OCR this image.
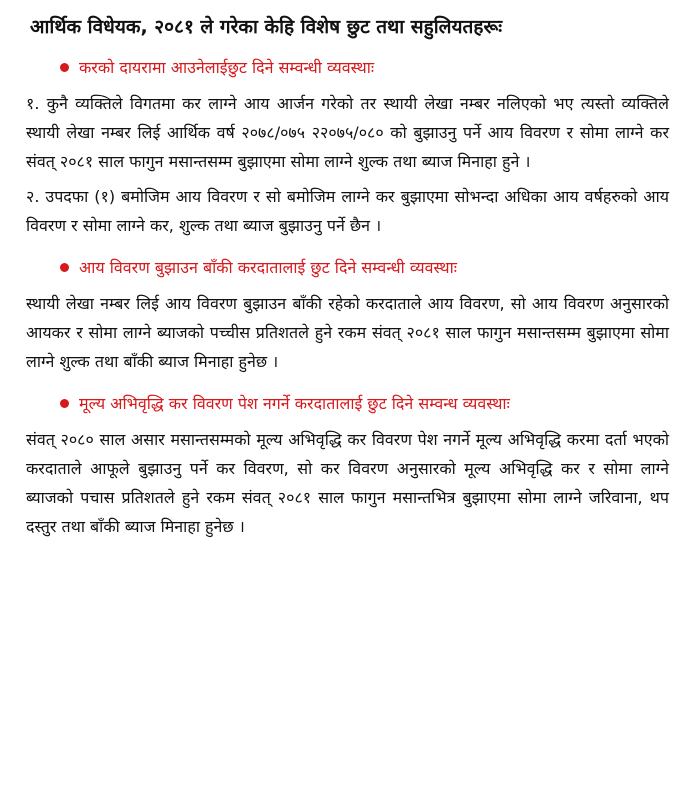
आर्थिक विधेयक, २०८१ ले गरेका केहि विशेष छुट तथा सहुलियतहरूः
करको दायरामा आउनेलाईछुट दिने सम्वन्धी व्यवस्थाः

१. कुनै व्यक्तिले विगतमा कर लाग्ने आय आर्जन गरेको तर स्थायी लेखा नम्बर नलिएको भए त्यस्तो व्यक्तिले स्थायी लेखा नम्बर लिई आर्थिक वर्ष २०७८/०७५ २२०७५/०८० को बुझाउनु पर्ने आय विवरण र सोमा लाग्ने कर संवत् २०८१ साल फागुन मसान्तसम्म बुझाएमा सोमा लाग्ने शुल्क तथा ब्याज मिनाहा हुने ।

२. उपदफा (१) बमोजिम आय विवरण र सो बमोजिम लाग्ने कर बुझाएमा सोभन्दा अधिका आय वर्षहरुको आय विवरण र सोमा लाग्ने कर, शुल्क तथा ब्याज बुझाउनु पर्ने छैन ।

आय विवरण बुझाउन बाँकी करदातालाई छुट दिने सम्वन्धी व्यवस्थाः

स्थायी लेखा नम्बर लिई आय विवरण बुझाउन बाँकी रहेको करदाताले आय विवरण, सो आय विवरण अनुसारको आयकर र सोमा लाग्ने ब्याजको पच्चीस प्रतिशतले हुने रकम संवत् २०८१ साल फागुन मसान्तसम्म बुझाएमा सोमा लाग्ने शुल्क तथा बाँकी ब्याज मिनाहा हुनेछ ।

मूल्य अभिवृद्धि कर विवरण पेश नगर्ने करदातालाई छुट दिने सम्वन्ध व्यवस्थाः

संवत् २०८० साल असार मसान्तसम्मको मूल्य अभिवृद्धि कर विवरण पेश नगर्ने मूल्य अभिवृद्धि करमा दर्ता भएको करदाताले आफूले बुझाउनु पर्ने कर विवरण, सो कर विवरण अनुसारको मूल्य अभिवृद्धि कर र सोमा लाग्ने ब्याजको पचास प्रतिशतले हुने रकम संवत् २०८१ साल फागुन मसान्तभित्र बुझाएमा सोमा लाग्ने जरिवाना, थप दस्तुर तथा बाँकी ब्याज मिनाहा हुनेछ ।
